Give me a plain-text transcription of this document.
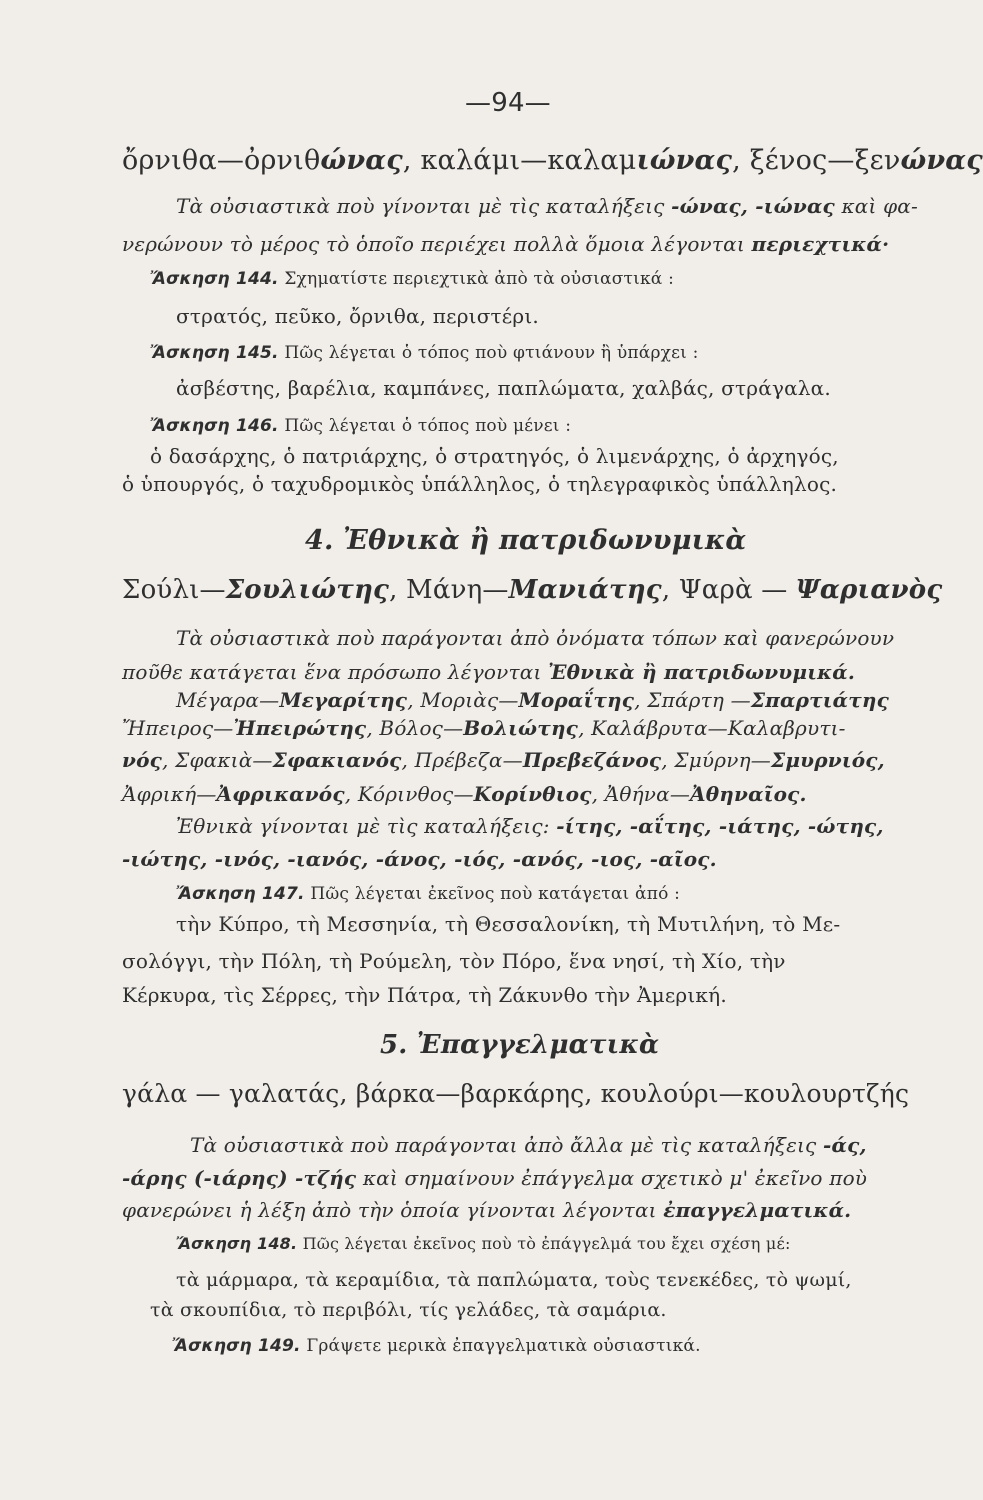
—94—
ὄρνιθα—ὀρνιθώνας, καλάμι—καλαμιώνας, ξένος—ξενώνας
Τὰ οὐσιαστικὰ ποὺ γίνονται μὲ τὶς καταλήξεις -ώνας, -ιώνας καὶ φα-
νερώνουν τὸ μέρος τὸ ὁποῖο περιέχει πολλὰ ὅμοια λέγονται περιεχτικά·
Ἄσκηση 144. Σχηματίστε περιεχτικὰ ἀπὸ τὰ οὐσιαστικά :
στρατός, πεῦκο, ὄρνιθα, περιστέρι.
Ἄσκηση 145. Πῶς λέγεται ὁ τόπος ποὺ φτιάνουν ἢ ὑπάρχει :
ἀσβέστης, βαρέλια, καμπάνες, παπλώματα, χαλβάς, στράγαλα.
Ἄσκηση 146. Πῶς λέγεται ὁ τόπος ποὺ μένει :
ὁ δασάρχης, ὁ πατριάρχης, ὁ στρατηγός, ὁ λιμενάρχης, ὁ ἀρχηγός,
ὁ ὑπουργός, ὁ ταχυδρομικὸς ὑπάλληλος, ὁ τηλεγραφικὸς ὑπάλληλος.
4. Ἐθνικὰ ἢ πατριδωνυμικὰ
Σούλι—Σουλιώτης, Μάνη—Μανιάτης, Ψαρὰ — Ψαριανὸς
Τὰ οὐσιαστικὰ ποὺ παράγονται ἀπὸ ὀνόματα τόπων καὶ φανερώνουν
ποῦθε κατάγεται ἕνα πρόσωπο λέγονται Ἐθνικὰ ἢ πατριδωνυμικά.
Μέγαρα—Μεγαρίτης, Μοριὰς—Μοραΐτης, Σπάρτη —Σπαρτιάτης
Ἤπειρος—Ἠπειρώτης, Βόλος—Βολιώτης, Καλάβρυτα—Καλαβρυτι-
νός, Σφακιὰ—Σφακιανός, Πρέβεζα—Πρεβεζάνος, Σμύρνη—Σμυρνιός,
Ἀφρική—Ἀφρικανός, Κόρινθος—Κορίνθιος, Ἀθήνα—Ἀθηναῖος.
Ἐθνικὰ γίνονται μὲ τὶς καταλήξεις: -ίτης, -αΐτης, -ιάτης, -ώτης,
-ιώτης, -ινός, -ιανός, -άνος, -ιός, -ανός, -ιος, -αῖος.
Ἄσκηση 147. Πῶς λέγεται ἐκεῖνος ποὺ κατάγεται ἀπό :
τὴν Κύπρο, τὴ Μεσσηνία, τὴ Θεσσαλονίκη, τὴ Μυτιλήνη, τὸ Με-
σολόγγι, τὴν Πόλη, τὴ Ρούμελη, τὸν Πόρο, ἕνα νησί, τὴ Χίο, τὴν
Κέρκυρα, τὶς Σέρρες, τὴν Πάτρα, τὴ Ζάκυνθο τὴν Ἀμερική.
5. Ἐπαγγελματικὰ
γάλα — γαλατάς, βάρκα—βαρκάρης, κουλούρι—κουλουρτζής
Τὰ οὐσιαστικὰ ποὺ παράγονται ἀπὸ ἄλλα μὲ τὶς καταλήξεις -άς,
-άρης (-ιάρης) -τζής καὶ σημαίνουν ἐπάγγελμα σχετικὸ μ' ἐκεῖνο ποὺ
φανερώνει ἡ λέξη ἀπὸ τὴν ὁποία γίνονται λέγονται ἐπαγγελματικά.
Ἄσκηση 148. Πῶς λέγεται ἐκεῖνος ποὺ τὸ ἐπάγγελμά του ἔχει σχέση μέ:
τὰ μάρμαρα, τὰ κεραμίδια, τὰ παπλώματα, τοὺς τενεκέδες, τὸ ψωμί,
τὰ σκουπίδια, τὸ περιβόλι, τίς γελάδες, τὰ σαμάρια.
Ἄσκηση 149. Γράψετε μερικὰ ἐπαγγελματικὰ οὐσιαστικά.
